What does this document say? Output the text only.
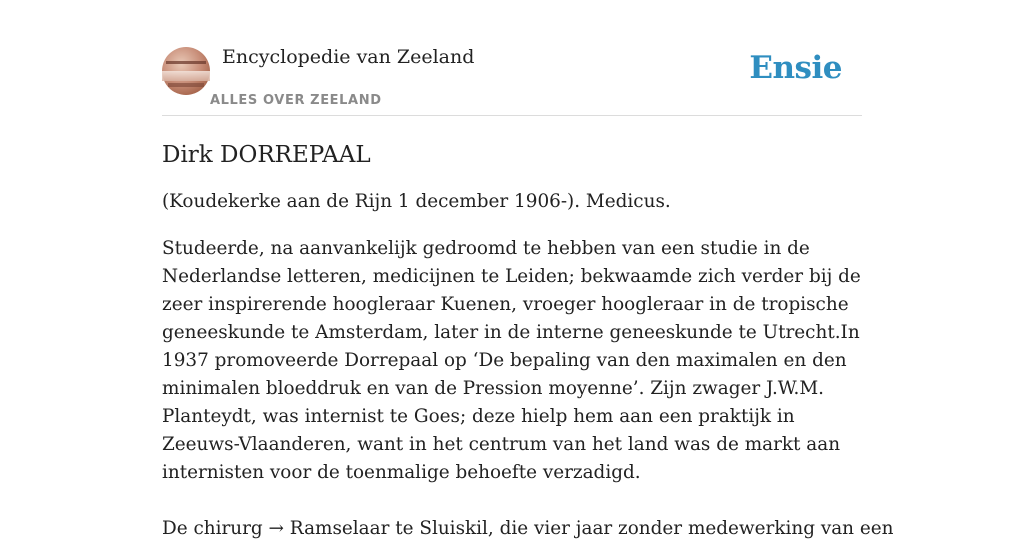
Encyclopedie van Zeeland
ALLES OVER ZEELAND
Ensie
Dirk DORREPAAL

(Koudekerke aan de Rijn 1 december 1906-). Medicus.

Studeerde, na aanvankelijk gedroomd te hebben van een studie in de Nederlandse letteren, medicijnen te Leiden; bekwaamde zich verder bij de zeer inspirerende hoogleraar Kuenen, vroeger hoogleraar in de tropische geneeskunde te Amsterdam, later in de interne geneeskunde te Utrecht.In 1937 promoveerde Dorrepaal op ‘De bepaling van den maximalen en den minimalen bloeddruk en van de Pression moyenne’. Zijn zwager J.W.M. Planteydt, was internist te Goes; deze hielp hem aan een praktijk in Zeeuws-Vlaanderen, want in het centrum van het land was de markt aan internisten voor de toenmalige behoefte verzadigd.

De chirurg → Ramselaar te Sluiskil, die vier jaar zonder medewerking van een
